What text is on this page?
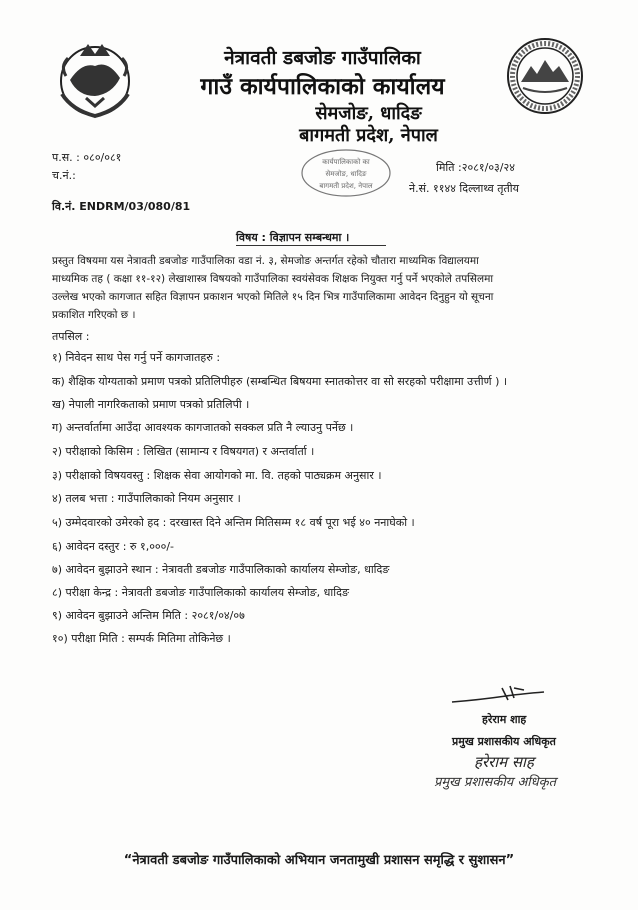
नेत्रावती डबजोङ गाउँपालिका
गाउँ कार्यपालिकाको कार्यालय
सेमजोङ, धादिङ
बागमती प्रदेश, नेपाल
प.स. : ०८०/०८१
च.नं.:
वि.नं. ENDRM/03/080/81
मिति :२०८१/०३/२४
ने.सं. ११४४ दिल्लाथ्व तृतीय
कार्यपालिकाको का
सेमजोङ, धादिङ
बागमती प्रदेश, नेपाल
विषय : विज्ञापन सम्बन्धमा ।
प्रस्तुत विषयमा यस नेत्रावती डबजोङ गाउँपालिका वडा नं. ३, सेमजोङ अन्तर्गत रहेको चौतारा माध्यमिक विद्यालयमा
माध्यमिक तह ( कक्षा ११-१२) लेखाशास्त्र विषयको गाउँपालिका स्वयंसेवक शिक्षक नियुक्त गर्नु पर्ने भएकोले तपसिलमा
उल्लेख भएको कागजात सहित विज्ञापन प्रकाशन भएको मितिले १५ दिन भित्र गाउँपालिकामा आवेदन दिनुहुन यो सूचना
प्रकाशित गरिएको छ ।
तपसिल :
१) निवेदन साथ पेस गर्नु पर्ने कागजातहरु :
क) शैक्षिक योग्यताको प्रमाण पत्रको प्रतिलिपीहरु (सम्बन्धित बिषयमा स्नातकोत्तर वा सो सरहको परीक्षामा उत्तीर्ण ) ।
ख) नेपाली नागरिकताको प्रमाण पत्रको प्रतिलिपी ।
ग) अन्तर्वार्तामा आउँदा आवश्यक कागजातको सक्कल प्रति नै ल्याउनु पर्नेछ ।
२) परीक्षाको किसिम : लिखित (सामान्य र विषयगत) र अन्तर्वार्ता ।
३) परीक्षाको विषयवस्तु : शिक्षक सेवा आयोगको मा. वि. तहको पाठ्यक्रम अनुसार ।
४) तलब भत्ता : गाउँपालिकाको नियम अनुसार ।
५) उम्मेदवारको उमेरको हद : दरखास्त दिने अन्तिम मितिसम्म १८ वर्ष पूरा भई ४० ननाघेको ।
६) आवेदन दस्तुर : रु १,०००/-
७) आवेदन बुझाउने स्थान : नेत्रावती डबजोङ गाउँपालिकाको कार्यालय सेम्जोङ, धादिङ
८) परीक्षा केन्द्र : नेत्रावती डबजोङ गाउँपालिकाको कार्यालय सेम्जोङ, धादिङ
९) आवेदन बुझाउने अन्तिम मिति : २०८१/०४/०७
१०) परीक्षा मिति : सम्पर्क मितिमा तोकिनेछ ।
हरेराम शाह
प्रमुख प्रशासकीय अधिकृत
हरेराम साह
प्रमुख प्रशासकीय अधिकृत
“नेत्रावती डबजोङ गाउँपालिकाको अभियान जनतामुखी प्रशासन समृद्धि र सुशासन”
